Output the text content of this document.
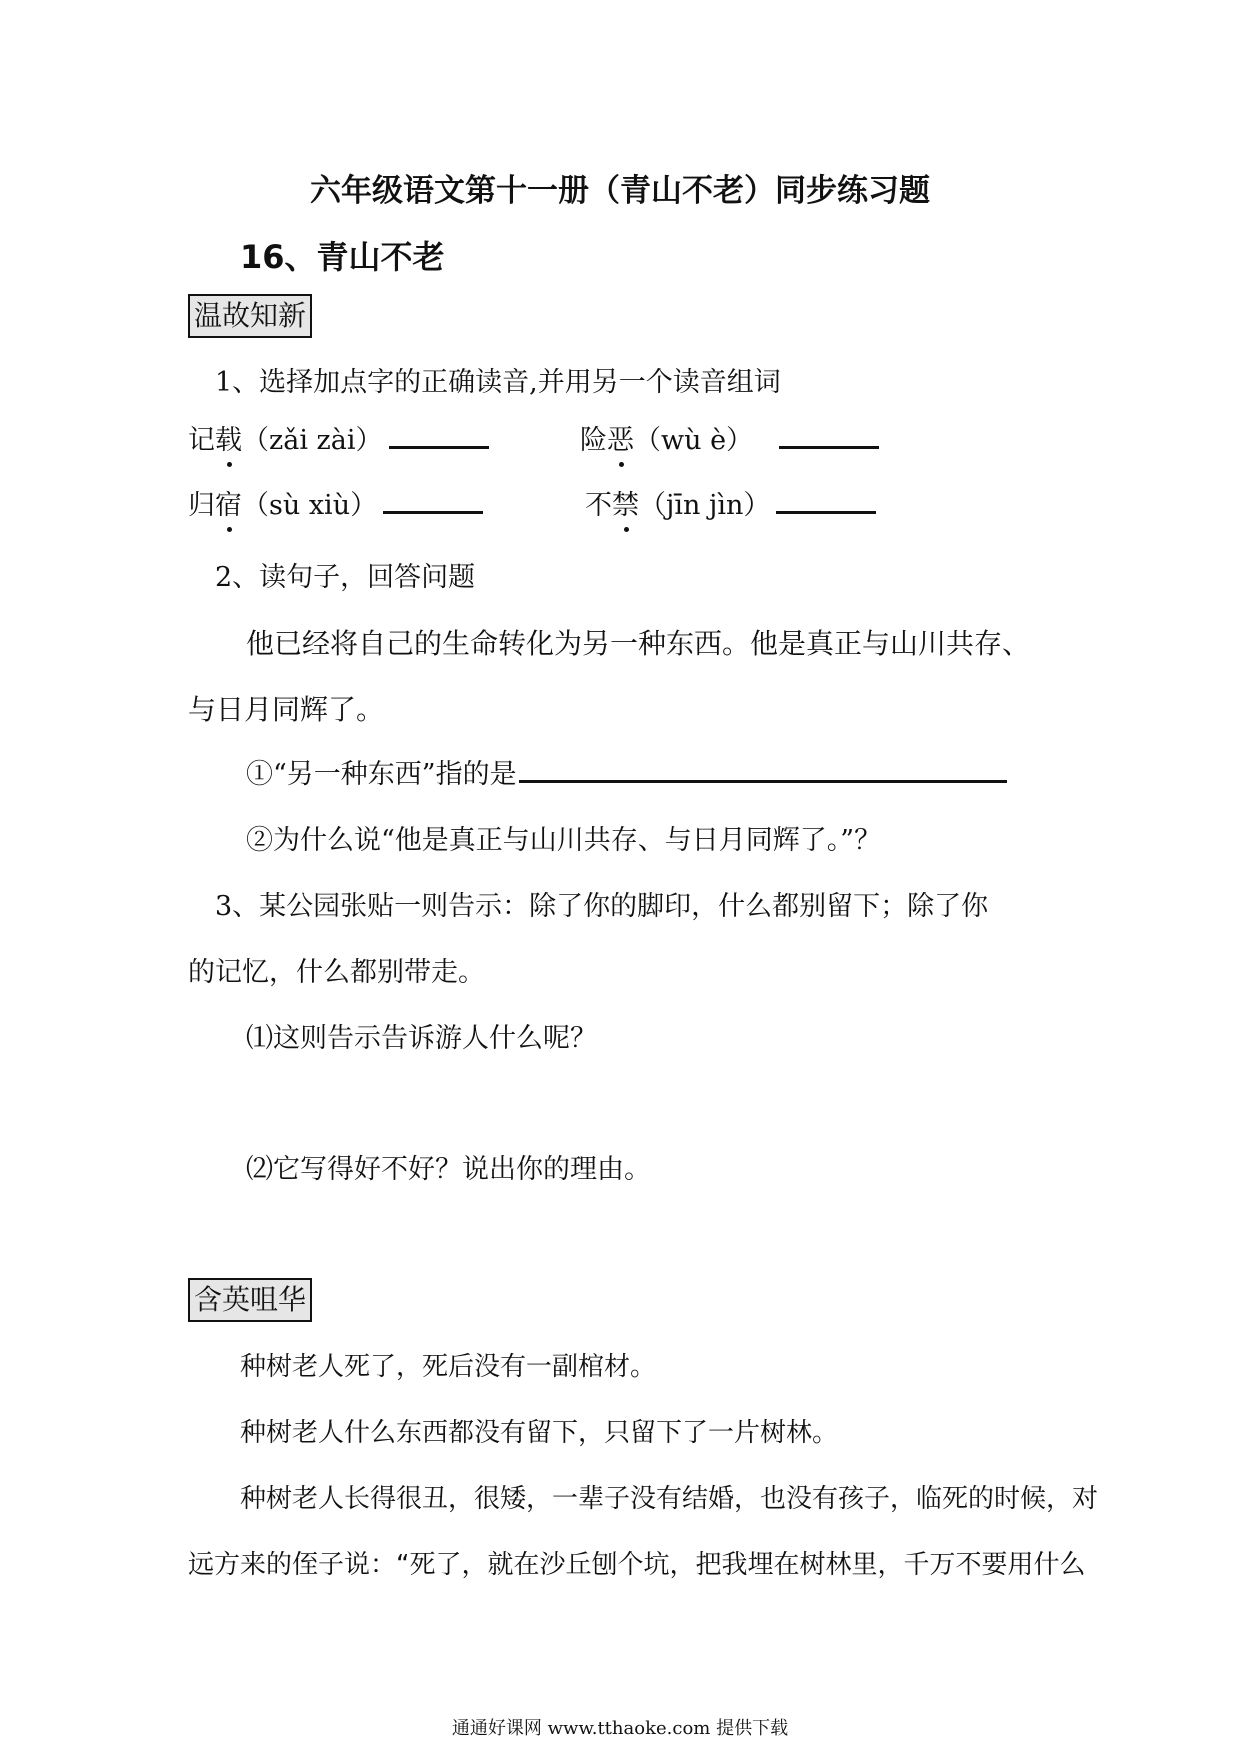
六年级语文第十一册（青山不老）同步练习题
16、青山不老
温故知新
1、选择加点字的正确读音,并用另一个读音组词
记载（zǎi zài）	险恶（wù è）
归宿（sù xiù）	不禁（jīn jìn）
2、读句子，回答问题
他已经将自己的生命转化为另一种东西。他是真正与山川共存、
与日月同辉了。
①“另一种东西”指的是
②为什么说“他是真正与山川共存、与日月同辉了。”？
3、某公园张贴一则告示：除了你的脚印，什么都别留下；除了你
的记忆，什么都别带走。
⑴这则告示告诉游人什么呢？
⑵它写得好不好？说出你的理由。
含英咀华
种树老人死了，死后没有一副棺材。
种树老人什么东西都没有留下，只留下了一片树林。
种树老人长得很丑，很矮，一辈子没有结婚，也没有孩子，临死的时候，对
远方来的侄子说：“死了，就在沙丘刨个坑，把我埋在树林里，千万不要用什么
通通好课网 www.tthaoke.com 提供下载
